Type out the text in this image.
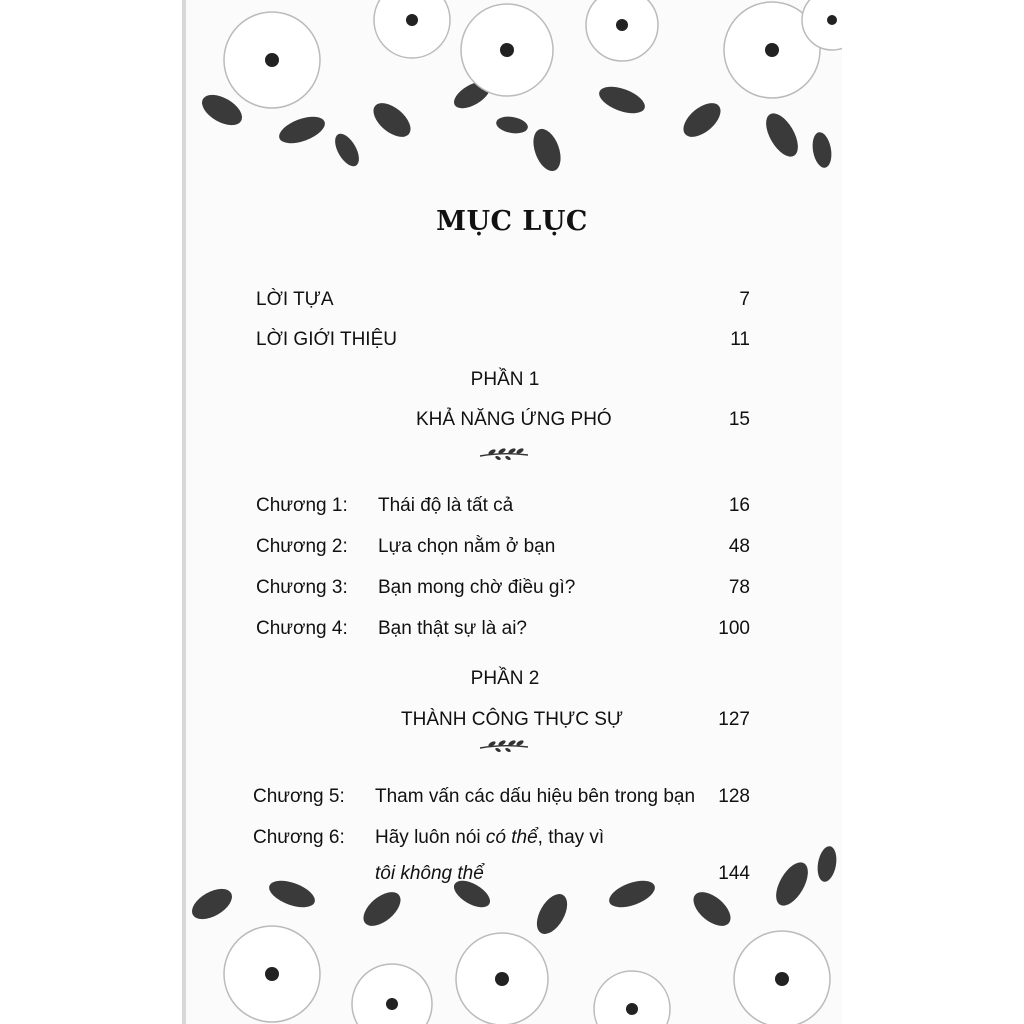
MỤC LỤC
LỜI TỰA	7
LỜI GIỚI THIỆU	11
PHẦN 1
KHẢ NĂNG ỨNG PHÓ	15
Chương 1: Thái độ là tất cả	16
Chương 2: Lựa chọn nằm ở bạn	48
Chương 3: Bạn mong chờ điều gì?	78
Chương 4: Bạn thật sự là ai?	100
PHẦN 2
THÀNH CÔNG THỰC SỰ	127
Chương 5: Tham vấn các dấu hiệu bên trong bạn 128
Chương 6: Hãy luôn nói có thể, thay vì
tôi không thể	144
